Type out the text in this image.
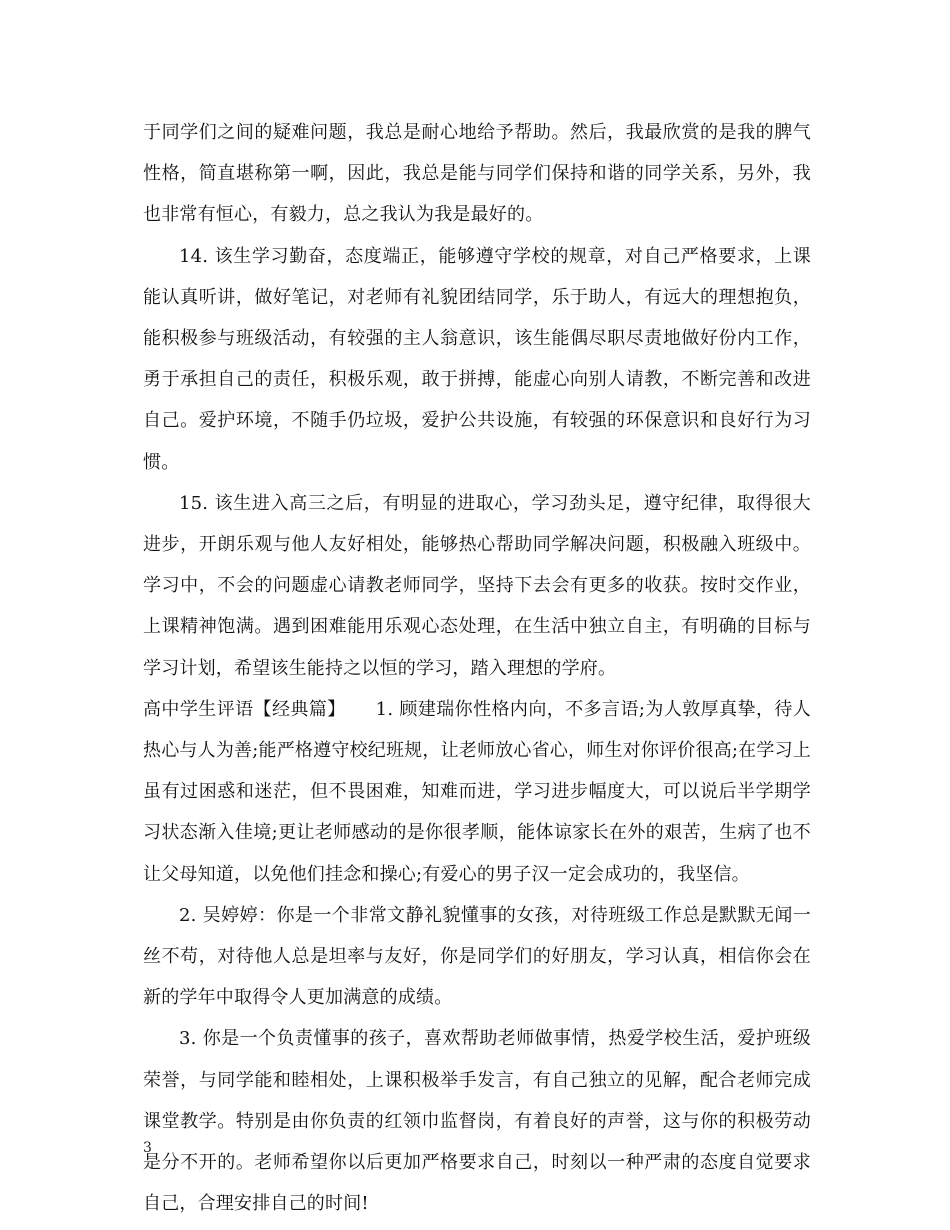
于同学们之间的疑难问题，我总是耐心地给予帮助。然后，我最欣赏的是我的脾气性格，简直堪称第一啊，因此，我总是能与同学们保持和谐的同学关系，另外，我也非常有恒心，有毅力，总之我认为我是最好的。

14. 该生学习勤奋，态度端正，能够遵守学校的规章，对自己严格要求，上课能认真听讲，做好笔记，对老师有礼貌团结同学，乐于助人，有远大的理想抱负，能积极参与班级活动，有较强的主人翁意识，该生能偶尽职尽责地做好份内工作，勇于承担自己的责任，积极乐观，敢于拼搏，能虚心向别人请教，不断完善和改进自己。爱护环境，不随手仍垃圾，爱护公共设施，有较强的环保意识和良好行为习惯。

15. 该生进入高三之后，有明显的进取心，学习劲头足，遵守纪律，取得很大进步，开朗乐观与他人友好相处，能够热心帮助同学解决问题，积极融入班级中。学习中，不会的问题虚心请教老师同学，坚持下去会有更多的收获。按时交作业，上课精神饱满。遇到困难能用乐观心态处理，在生活中独立自主，有明确的目标与学习计划，希望该生能持之以恒的学习，踏入理想的学府。

高中学生评语【经典篇】 1. 顾建瑞你性格内向，不多言语;为人敦厚真挚，待人热心与人为善;能严格遵守校纪班规，让老师放心省心，师生对你评价很高;在学习上虽有过困惑和迷茫，但不畏困难，知难而进，学习进步幅度大，可以说后半学期学习状态渐入佳境;更让老师感动的是你很孝顺，能体谅家长在外的艰苦，生病了也不让父母知道，以免他们挂念和操心;有爱心的男子汉一定会成功的，我坚信。

2. 吴婷婷：你是一个非常文静礼貌懂事的女孩，对待班级工作总是默默无闻一丝不苟，对待他人总是坦率与友好，你是同学们的好朋友，学习认真，相信你会在新的学年中取得令人更加满意的成绩。

3. 你是一个负责懂事的孩子，喜欢帮助老师做事情，热爱学校生活，爱护班级荣誉，与同学能和睦相处，上课积极举手发言，有自己独立的见解，配合老师完成课堂教学。特别是由你负责的红领巾监督岗，有着良好的声誉，这与你的积极劳动是分不开的。老师希望你以后更加严格要求自己，时刻以一种严肃的态度自觉要求自己，合理安排自己的时间!

3
